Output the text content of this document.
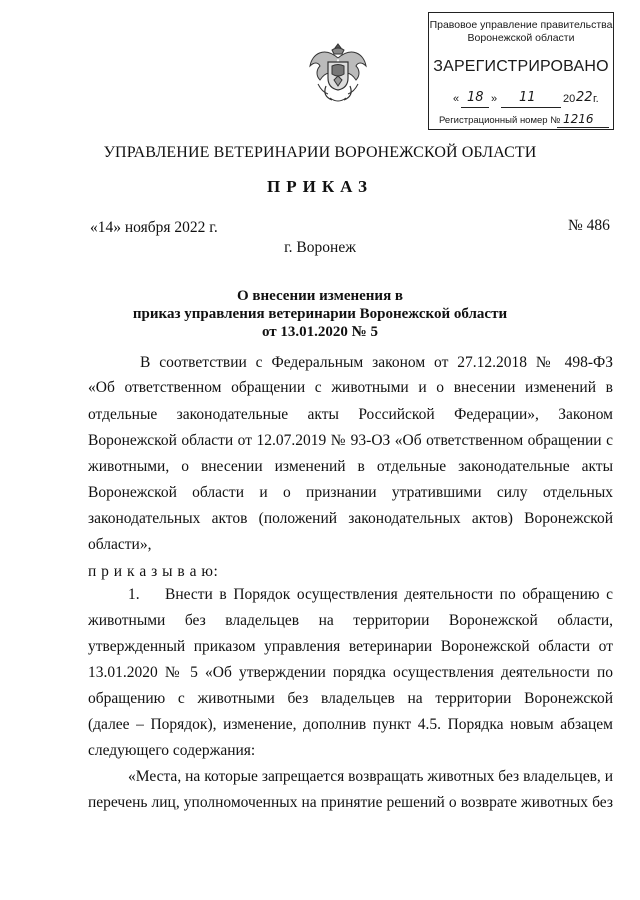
Правовое управление правительства
Воронежской области
ЗАРЕГИСТРИРОВАНО
« 18 » 11 20 22 г.
Регистрационный номер № 1216
УПРАВЛЕНИЕ ВЕТЕРИНАРИИ ВОРОНЕЖСКОЙ ОБЛАСТИ
ПРИКАЗ
«14» ноября 2022 г.	№ 486
г. Воронеж
О внесении изменения в
приказ управления ветеринарии Воронежской области
от 13.01.2020 № 5
В соответствии с Федеральным законом от 27.12.2018 № 498-ФЗ
«Об ответственном обращении с животными и о внесении изменений в
отдельные законодательные акты Российской Федерации», Законом
Воронежской области от 12.07.2019 № 93-ОЗ «Об ответственном обращении с
животными, о внесении изменений в отдельные законодательные акты
Воронежской области и о признании утратившими силу отдельных
законодательных актов (положений законодательных актов) Воронежской
области»,
п р и к а з ы в а ю:
1. Внести в Порядок осуществления деятельности по обращению с
животными без владельцев на территории Воронежской области,
утвержденный приказом управления ветеринарии Воронежской области от
13.01.2020 № 5 «Об утверждении порядка осуществления деятельности по
обращению с животными без владельцев на территории Воронежской
(далее – Порядок), изменение, дополнив пункт 4.5. Порядка новым абзацем
следующего содержания:
«Места, на которые запрещается возвращать животных без владельцев, и
перечень лиц, уполномоченных на принятие решений о возврате животных без
